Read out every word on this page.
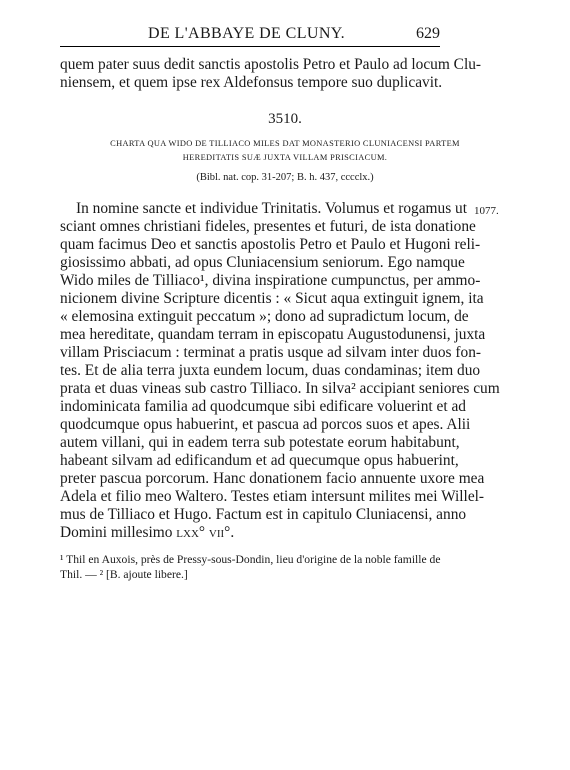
DE L'ABBAYE DE CLUNY.	629
quem pater suus dedit sanctis apostolis Petro et Paulo ad locum Clu-
niensem, et quem ipse rex Aldefonsus tempore suo duplicavit.
3510.
CHARTA QUA WIDO DE TILLIACO MILES DAT MONASTERIO CLUNIACENSI PARTEM
HEREDITATIS SUÆ JUXTA VILLAM PRISCIACUM.
(Bibl. nat. cop. 31-207; B. h. 437, cccclx.)
1077.
In nomine sancte et individue Trinitatis. Volumus et rogamus ut
sciant omnes christiani fideles, presentes et futuri, de ista donatione
quam facimus Deo et sanctis apostolis Petro et Paulo et Hugoni reli-
giosissimo abbati, ad opus Cluniacensium seniorum. Ego namque
Wido miles de Tilliaco¹, divina inspiratione cumpunctus, per ammo-
nicionem divine Scripture dicentis : « Sicut aqua extinguit ignem, ita
« elemosina extinguit peccatum »; dono ad supradictum locum, de
mea hereditate, quandam terram in episcopatu Augustodunensi, juxta
villam Prisciacum : terminat a pratis usque ad silvam inter duos fon-
tes. Et de alia terra juxta eundem locum, duas condaminas; item duo
prata et duas vineas sub castro Tilliaco. In silva² accipiant seniores cum
indominicata familia ad quodcumque sibi edificare voluerint et ad
quodcumque opus habuerint, et pascua ad porcos suos et apes. Alii
autem villani, qui in eadem terra sub potestate eorum habitabunt,
habeant silvam ad edificandum et ad quecumque opus habuerint,
preter pascua porcorum. Hanc donationem facio annuente uxore mea
Adela et filio meo Waltero. Testes etiam intersunt milites mei Willel-
mus de Tilliaco et Hugo. Factum est in capitulo Cluniacensi, anno
Domini millesimo lxx° vii°.
¹ Thil en Auxois, près de Pressy-sous-Dondin, lieu d'origine de la noble famille de
Thil. — ² [B. ajoute libere.]
